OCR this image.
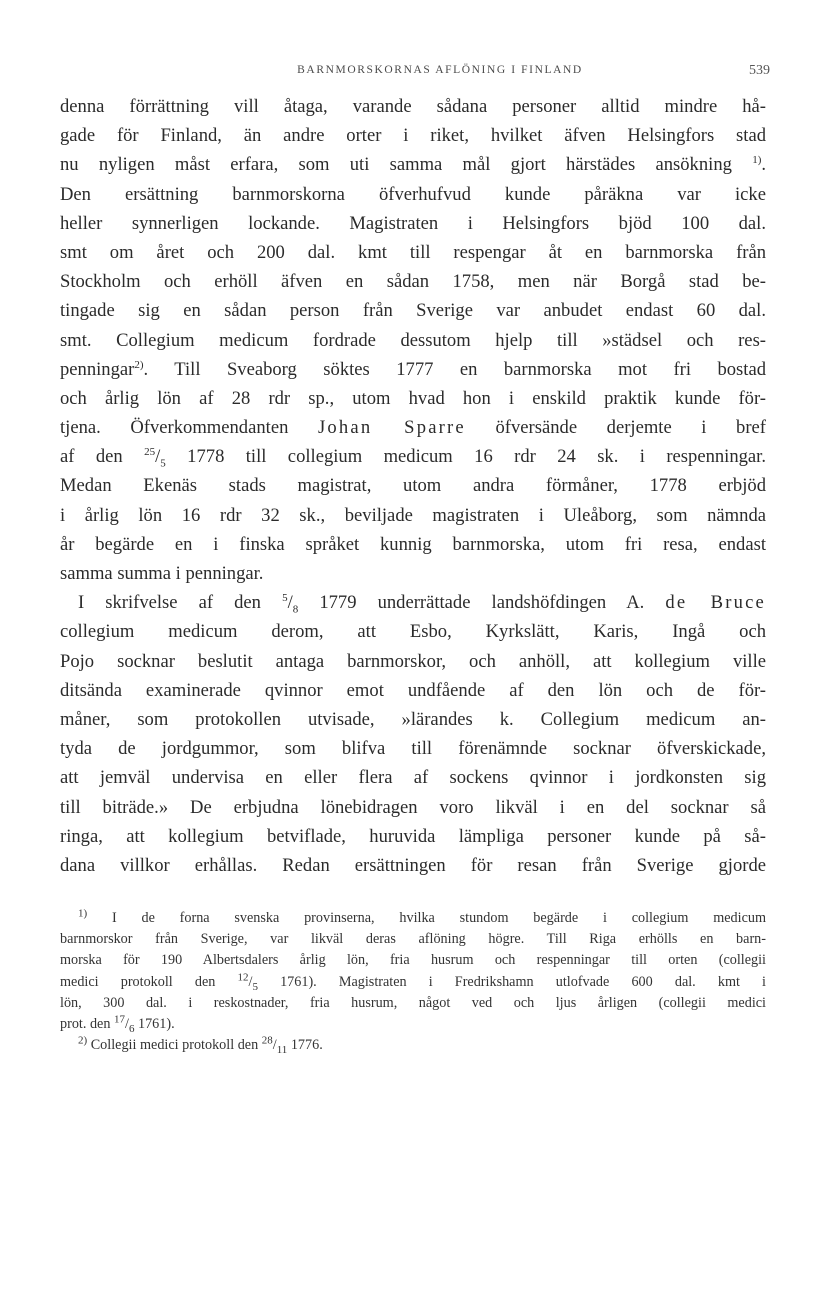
BARNMORSKORNAS AFLÖNING I FINLAND	539
denna förrättning vill åtaga, varande sådana personer alltid mindre hå-
gade för Finland, än andre orter i riket, hvilket äfven Helsingfors stad
nu nyligen måst erfara, som uti samma mål gjort härstädes ansökning $^{1)}$.
Den ersättning barnmorskorna öfverhufvud kunde påräkna var icke
heller synnerligen lockande. Magistraten i Helsingfors bjöd 100 dal.
smt om året och 200 dal. kmt till respengar åt en barnmorska från
Stockholm och erhöll äfven en sådan 1758, men när Borgå stad be-
tingade sig en sådan person från Sverige var anbudet endast 60 dal.
smt. Collegium medicum fordrade dessutom hjelp till »städsel och res-
penningar$^{2)}$. Till Sveaborg söktes 1777 en barnmorska mot fri bostad
och årlig lön af 28 rdr sp., utom hvad hon i enskild praktik kunde för-
tjena. Öfverkommendanten Johan Sparre öfversände derjemte i bref
af den $^{25}/_5$ 1778 till collegium medicum 16 rdr 24 sk. i respenningar.
Medan Ekenäs stads magistrat, utom andra förmåner, 1778 erbjöd
i årlig lön 16 rdr 32 sk., beviljade magistraten i Uleåborg, som nämnda
år begärde en i finska språket kunnig barnmorska, utom fri resa, endast
samma summa i penningar.
I skrifvelse af den $^5/_8$ 1779 underrättade landshöfdingen A. de Bruce
collegium medicum derom, att Esbo, Kyrkslätt, Karis, Ingå och
Pojo socknar beslutit antaga barnmorskor, och anhöll, att kollegium ville
ditsända examinerade qvinnor emot undfående af den lön och de för-
måner, som protokollen utvisade, »lärandes k. Collegium medicum an-
tyda de jordgummor, som blifva till förenämnde socknar öfverskickade,
att jemväl undervisa en eller flera af sockens qvinnor i jordkonsten sig
till biträde.» De erbjudna lönebidragen voro likväl i en del socknar så
ringa, att kollegium betviflade, huruvida lämpliga personer kunde på så-
dana villkor erhållas. Redan ersättningen för resan från Sverige gjorde
$^{1)}$ I de forna svenska provinserna, hvilka stundom begärde i collegium medicum
barnmorskor från Sverige, var likväl deras aflöning högre. Till Riga erhölls en barn-
morska för 190 Albertsdalers årlig lön, fria husrum och respenningar till orten (collegii
medici protokoll den $^{12}/_5$ 1761). Magistraten i Fredrikshamn utlofvade 600 dal. kmt i
lön, 300 dal. i reskostnader, fria husrum, något ved och ljus årligen (collegii medici
prot. den $^{17}/_6$ 1761).
$^{2)}$ Collegii medici protokoll den $^{28}/_{11}$ 1776.
